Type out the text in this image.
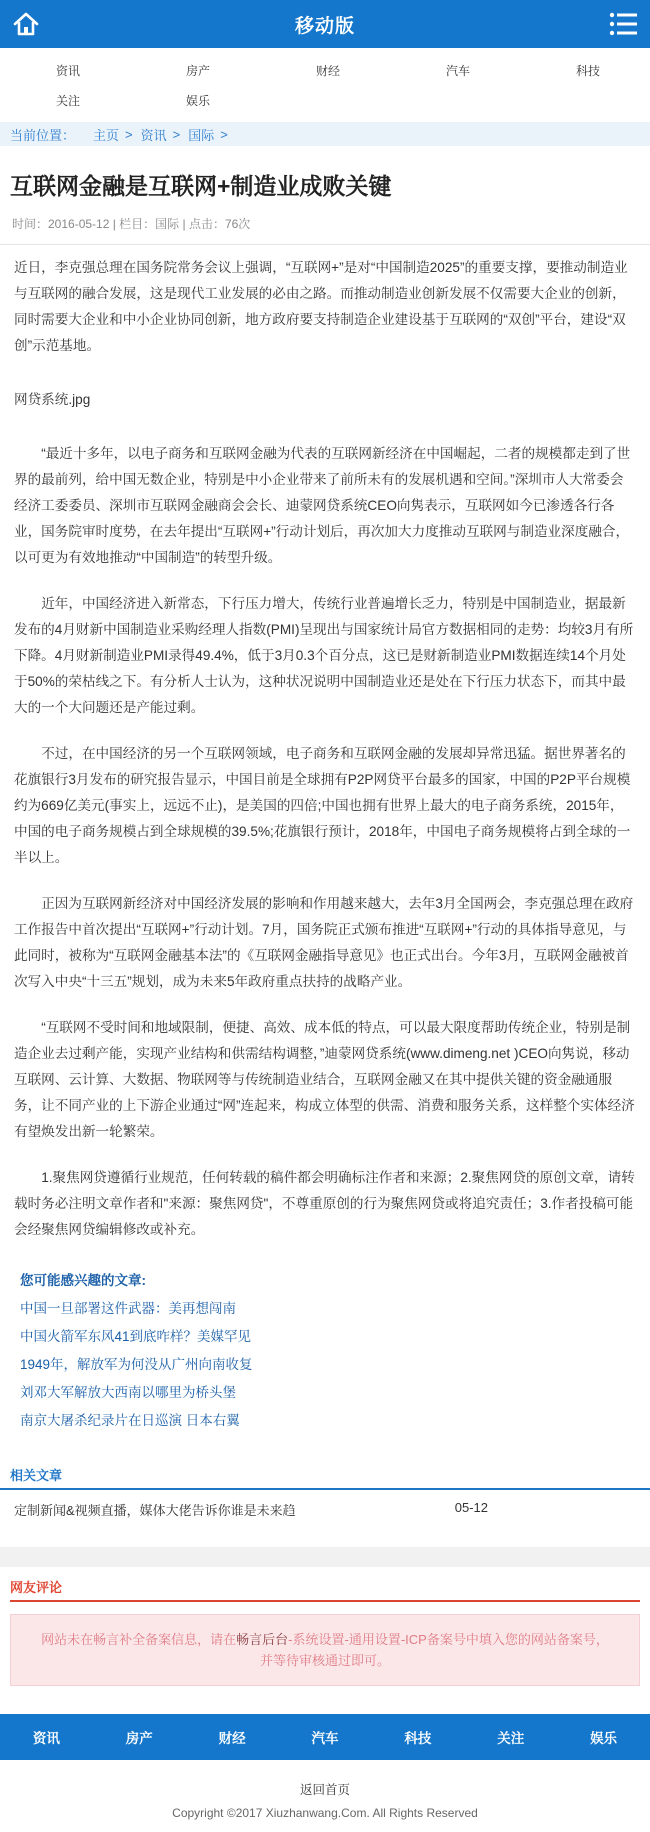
移动版
资讯	房产	财经	汽车	科技
关注	娱乐
当前位置： 主页 > 资讯 > 国际 >
互联网金融是互联网+制造业成败关键
时间：2016-05-12 | 栏目：国际 | 点击：76次

近日，李克强总理在国务院常务会议上强调，“互联网+”是对“中国制造2025”的重要支撑，要推动制造业与互联网的融合发展，这是现代工业发展的必由之路。而推动制造业创新发展不仅需要大企业的创新，同时需要大企业和中小企业协同创新，地方政府要支持制造企业建设基于互联网的“双创”平台，建设“双创”示范基地。

网贷系统.jpg

“最近十多年，以电子商务和互联网金融为代表的互联网新经济在中国崛起，二者的规模都走到了世界的最前列，给中国无数企业，特别是中小企业带来了前所未有的发展机遇和空间。”深圳市人大常委会经济工委委员、深圳市互联网金融商会会长、迪蒙网贷系统CEO向隽表示，互联网如今已渗透各行各业，国务院审时度势，在去年提出“互联网+”行动计划后，再次加大力度推动互联网与制造业深度融合，以可更为有效地推动“中国制造”的转型升级。

近年，中国经济进入新常态，下行压力增大，传统行业普遍增长乏力，特别是中国制造业，据最新发布的4月财新中国制造业采购经理人指数(PMI)呈现出与国家统计局官方数据相同的走势：均较3月有所下降。4月财新制造业PMI录得49.4%，低于3月0.3个百分点，这已是财新制造业PMI数据连续14个月处于50%的荣枯线之下。有分析人士认为，这种状况说明中国制造业还是处在下行压力状态下，而其中最大的一个大问题还是产能过剩。

不过，在中国经济的另一个互联网领域，电子商务和互联网金融的发展却异常迅猛。据世界著名的花旗银行3月发布的研究报告显示，中国目前是全球拥有P2P网贷平台最多的国家，中国的P2P平台规模约为669亿美元(事实上，远远不止)，是美国的四倍;中国也拥有世界上最大的电子商务系统，2015年，中国的电子商务规模占到全球规模的39.5%;花旗银行预计，2018年，中国电子商务规模将占到全球的一半以上。

正因为互联网新经济对中国经济发展的影响和作用越来越大，去年3月全国两会，李克强总理在政府工作报告中首次提出“互联网+”行动计划。7月，国务院正式颁布推进“互联网+”行动的具体指导意见，与此同时，被称为“互联网金融基本法”的《互联网金融指导意见》也正式出台。今年3月，互联网金融被首次写入中央“十三五”规划，成为未来5年政府重点扶持的战略产业。

“互联网不受时间和地域限制，便捷、高效、成本低的特点，可以最大限度帮助传统企业，特别是制造企业去过剩产能，实现产业结构和供需结构调整，”迪蒙网贷系统(www.dimeng.net )CEO向隽说，移动互联网、云计算、大数据、物联网等与传统制造业结合，互联网金融又在其中提供关键的资金融通服务，让不同产业的上下游企业通过“网”连起来，构成立体型的供需、消费和服务关系，这样整个实体经济有望焕发出新一轮繁荣。

1.聚焦网贷遵循行业规范，任何转载的稿件都会明确标注作者和来源；2.聚焦网贷的原创文章，请转载时务必注明文章作者和"来源：聚焦网贷"，不尊重原创的行为聚焦网贷或将追究责任；3.作者投稿可能会经聚焦网贷编辑修改或补充。

您可能感兴趣的文章:
中国一旦部署这件武器：美再想闯南
中国火箭军东风41到底咋样？美媒罕见
1949年，解放军为何没从广州向南收复
刘邓大军解放大西南以哪里为桥头堡
南京大屠杀纪录片在日巡演 日本右翼
相关文章
定制新闻&视频直播，媒体大佬告诉你谁是未来趋	05-12
网友评论
网站未在畅言补全备案信息，请在畅言后台-系统设置-通用设置-ICP备案号中填入您的网站备案号，并等待审核通过即可。
资讯	房产	财经	汽车	科技	关注	娱乐
返回首页
Copyright ©2017 Xiuzhanwang.Com. All Rights Reserved
